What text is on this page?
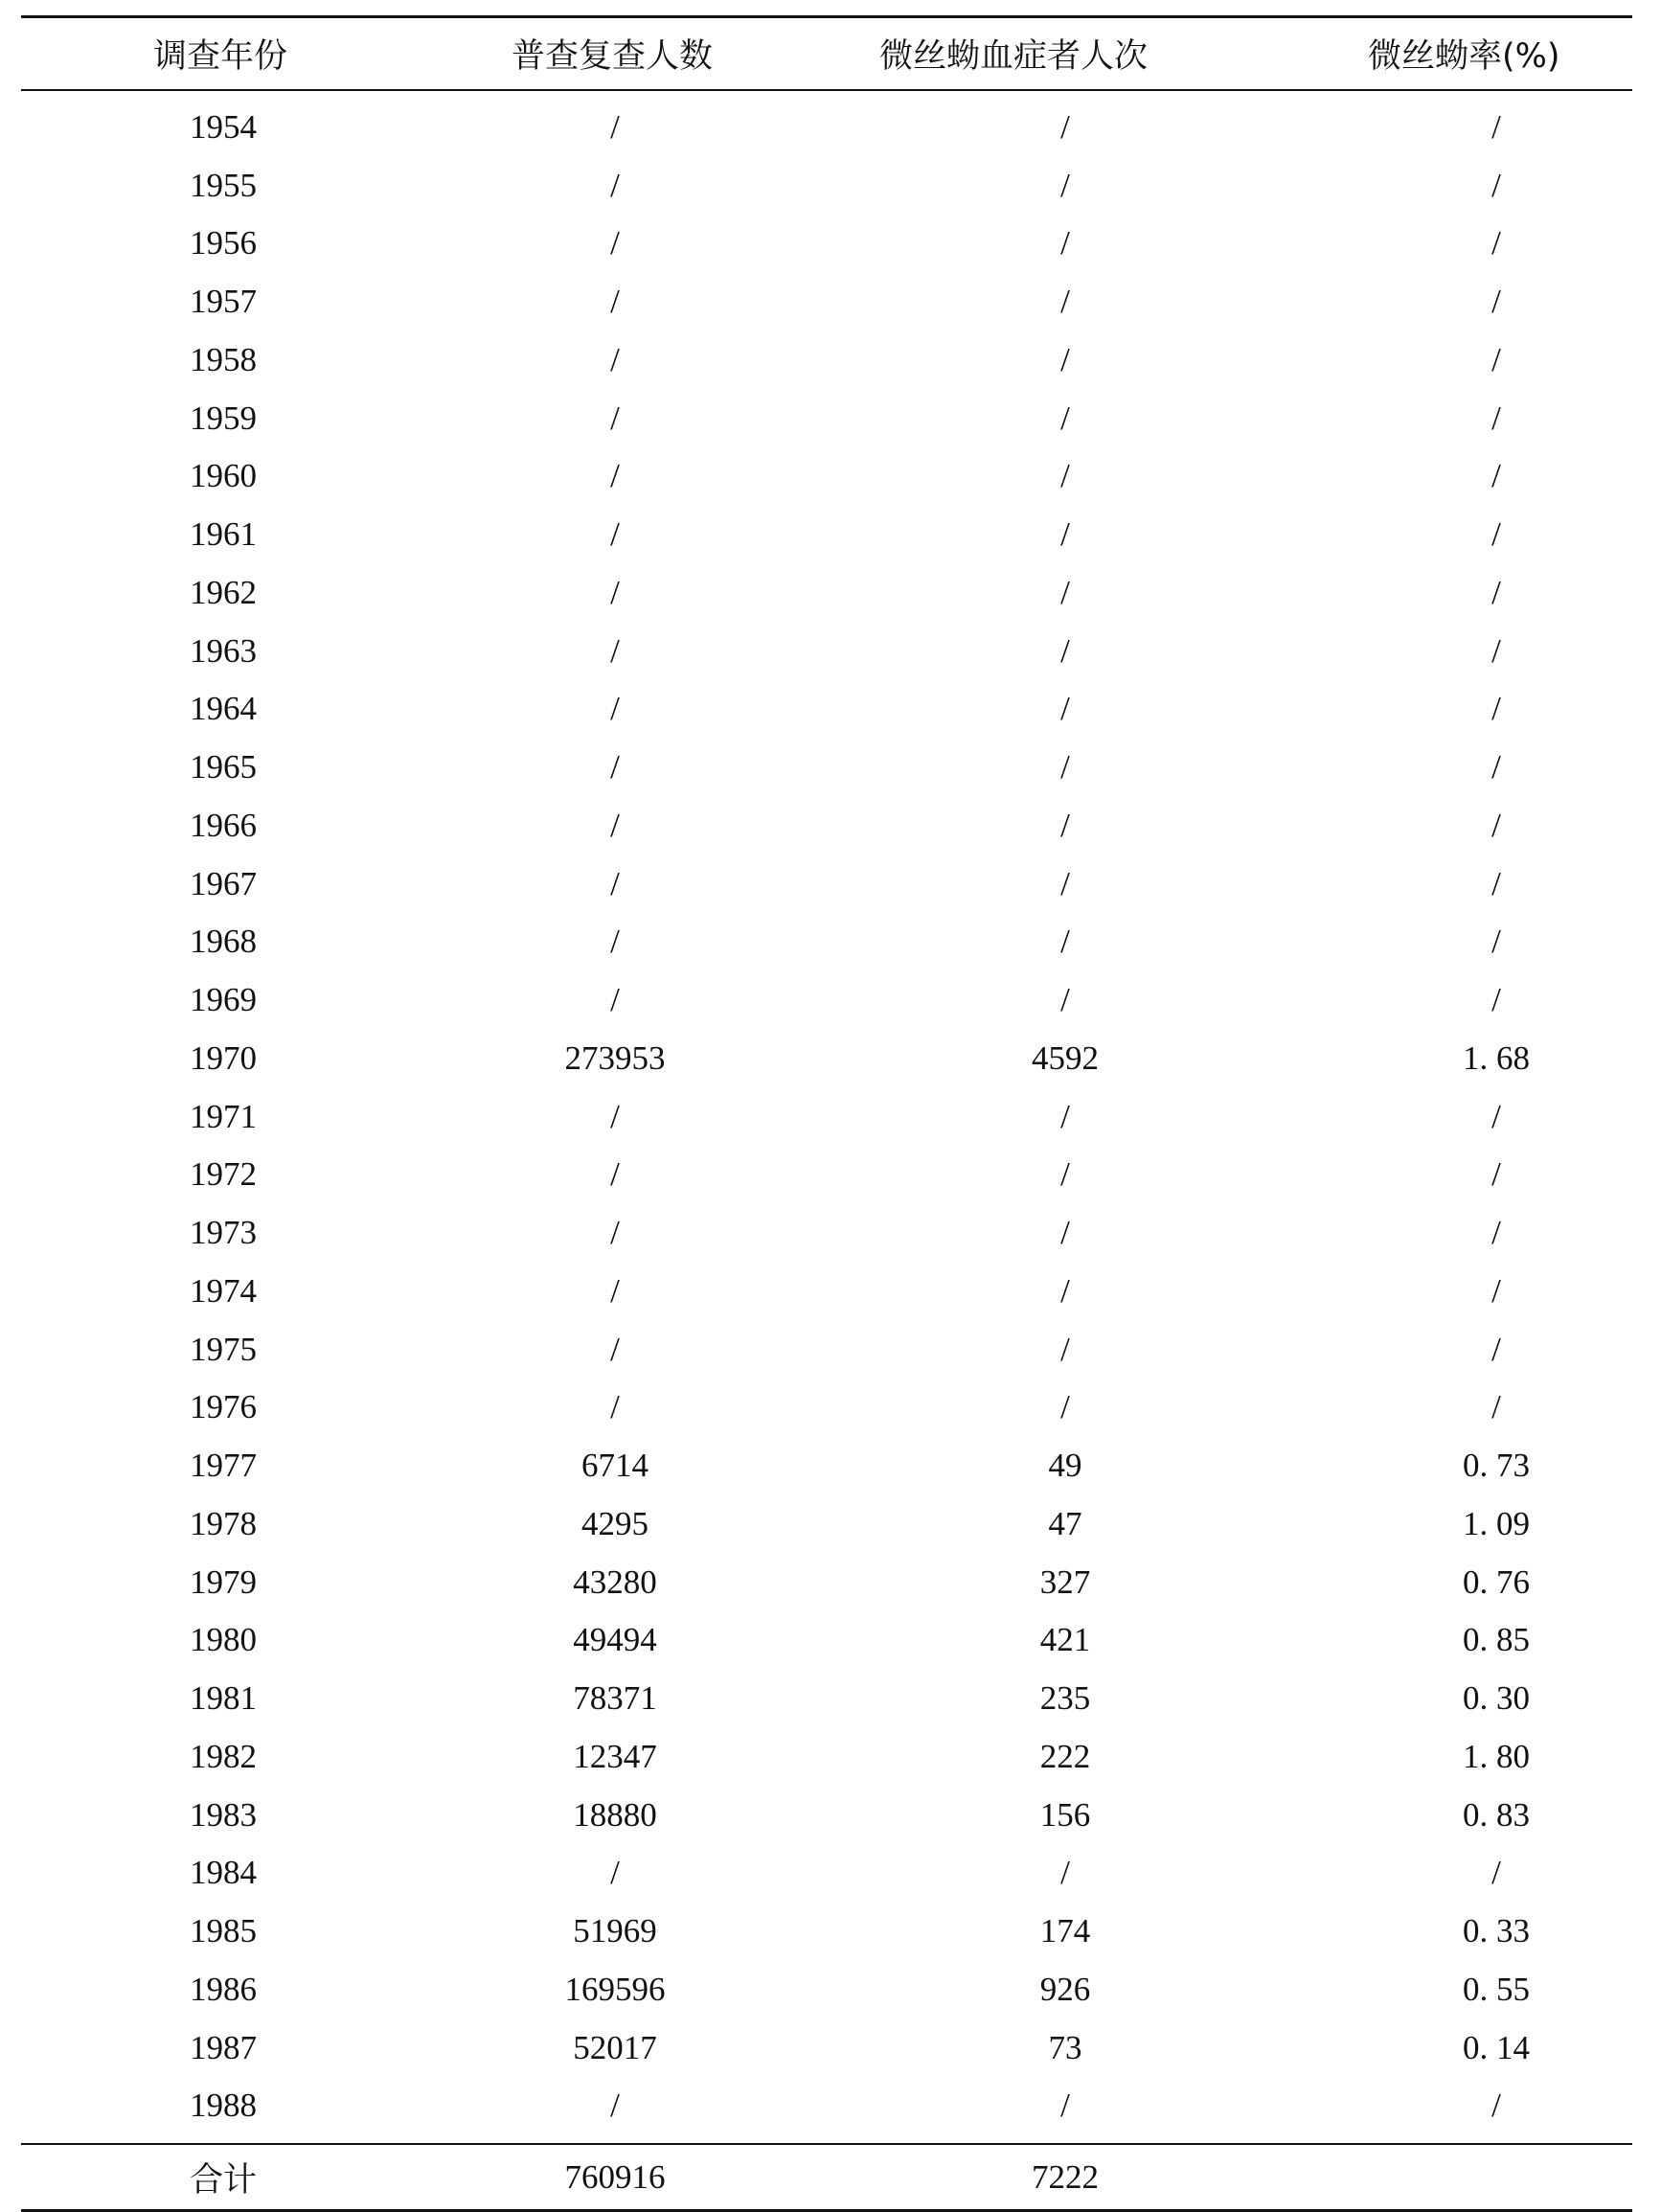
调查年份	普查复查人数	微丝蚴血症者人次	微丝蚴率(%)

1954	/	/	/

1955	/	/	/

1956	/	/	/

1957	/	/	/

1958	/	/	/

1959	/	/	/

1960	/	/	/

1961	/	/	/

1962	/	/	/

1963	/	/	/

1964	/	/	/

1965	/	/	/

1966	/	/	/

1967	/	/	/

1968	/	/	/

1969	/	/	/

1970	273953	4592	1. 68

1971	/	/	/

1972	/	/	/

1973	/	/	/

1974	/	/	/

1975	/	/	/

1976	/	/	/

1977	6714	49	0. 73

1978	4295	47	1. 09

1979	43280	327	0. 76

1980	49494	421	0. 85

1981	78371	235	0. 30

1982	12347	222	1. 80

1983	18880	156	0. 83

1984	/	/	/

1985	51969	174	0. 33

1986	169596	926	0. 55

1987	52017	73	0. 14

1988	/	/	/

合计	760916	7222	
